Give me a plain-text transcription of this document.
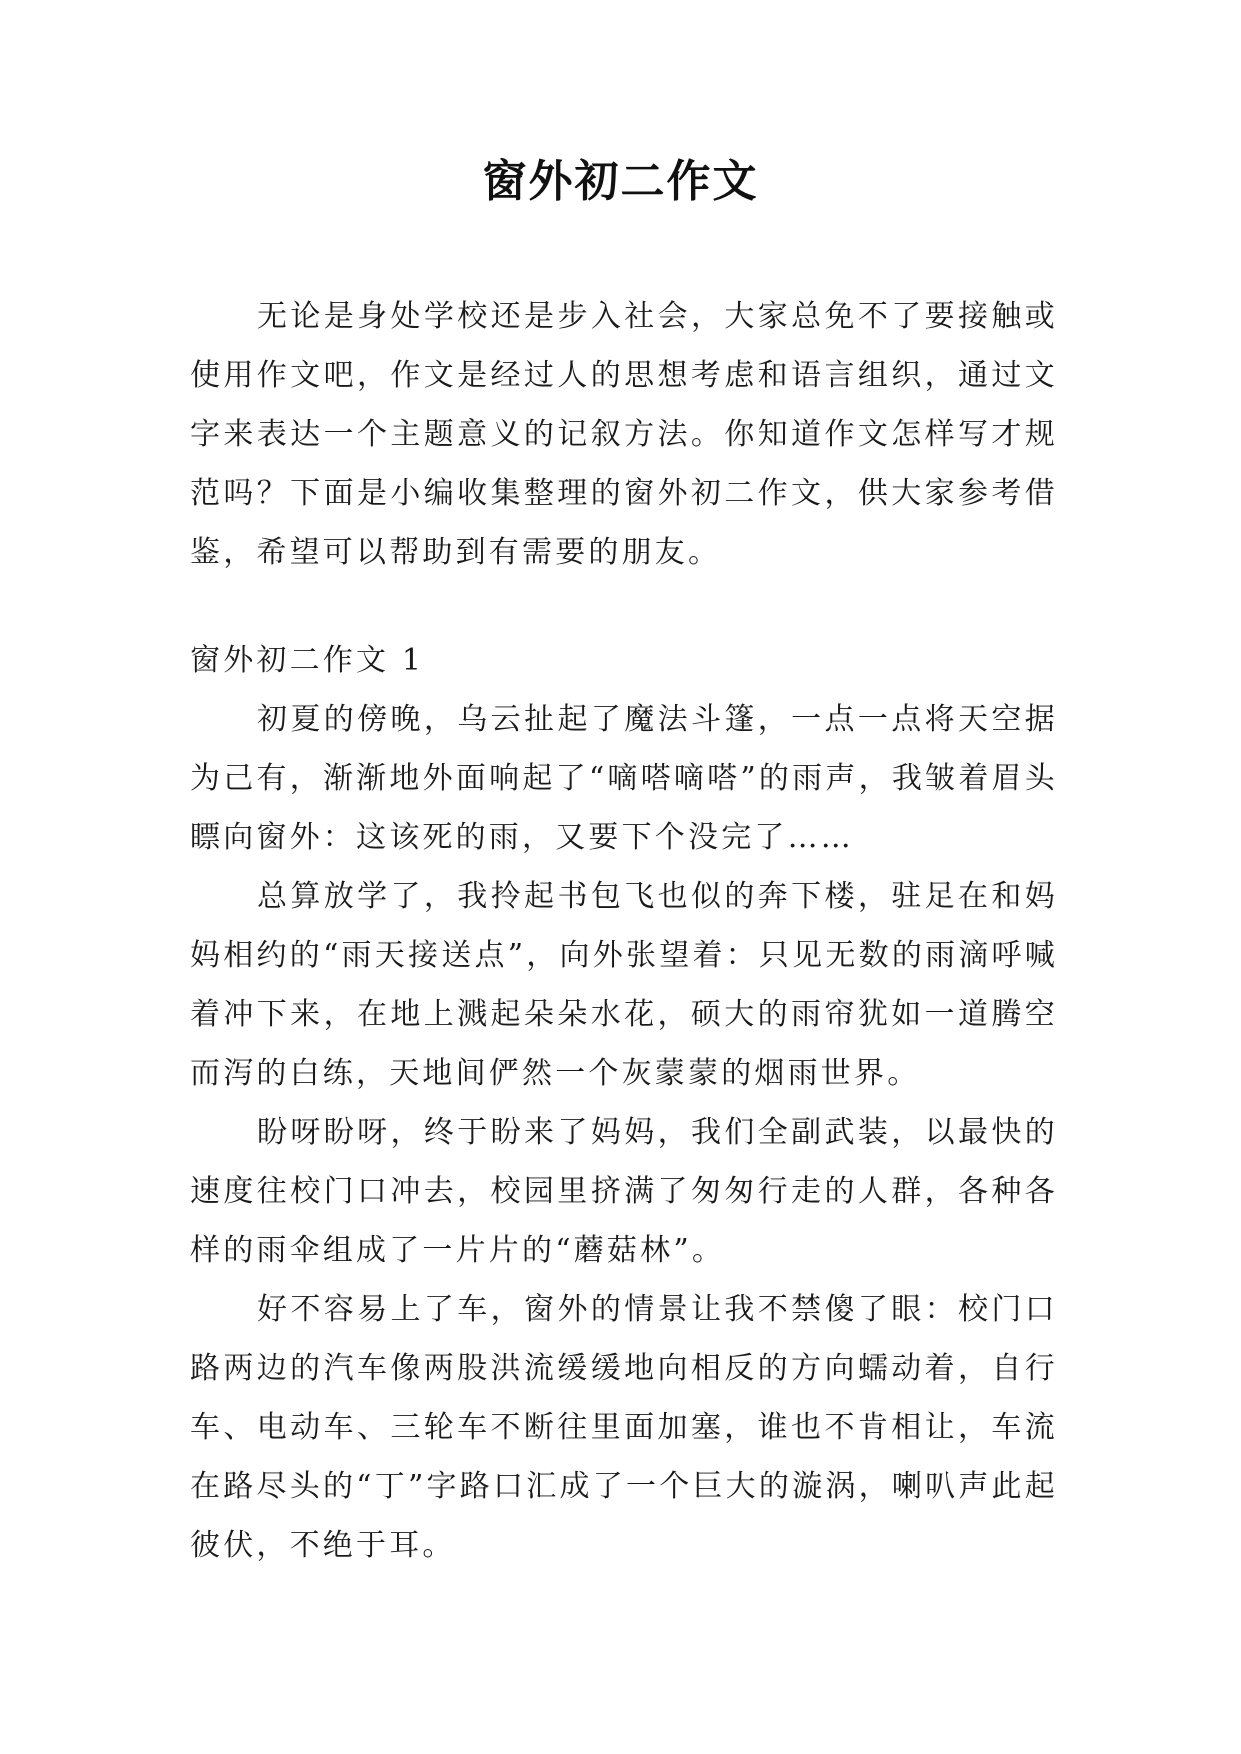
窗外初二作文

无论是身处学校还是步入社会，大家总免不了要接触或使用作文吧，作文是经过人的思想考虑和语言组织，通过文字来表达一个主题意义的记叙方法。你知道作文怎样写才规范吗？下面是小编收集整理的窗外初二作文，供大家参考借鉴，希望可以帮助到有需要的朋友。

窗外初二作文 1

初夏的傍晚，乌云扯起了魔法斗篷，一点一点将天空据为己有，渐渐地外面响起了“嘀嗒嘀嗒”的雨声，我皱着眉头瞟向窗外：这该死的雨，又要下个没完了……

总算放学了，我拎起书包飞也似的奔下楼，驻足在和妈妈相约的“雨天接送点”，向外张望着：只见无数的雨滴呼喊着冲下来，在地上溅起朵朵水花，硕大的雨帘犹如一道腾空而泻的白练，天地间俨然一个灰蒙蒙的烟雨世界。

盼呀盼呀，终于盼来了妈妈，我们全副武装，以最快的速度往校门口冲去，校园里挤满了匆匆行走的人群，各种各样的雨伞组成了一片片的“蘑菇林”。

好不容易上了车，窗外的情景让我不禁傻了眼：校门口路两边的汽车像两股洪流缓缓地向相反的方向蠕动着，自行车、电动车、三轮车不断往里面加塞，谁也不肯相让，车流在路尽头的“丁”字路口汇成了一个巨大的漩涡，喇叭声此起彼伏，不绝于耳。
